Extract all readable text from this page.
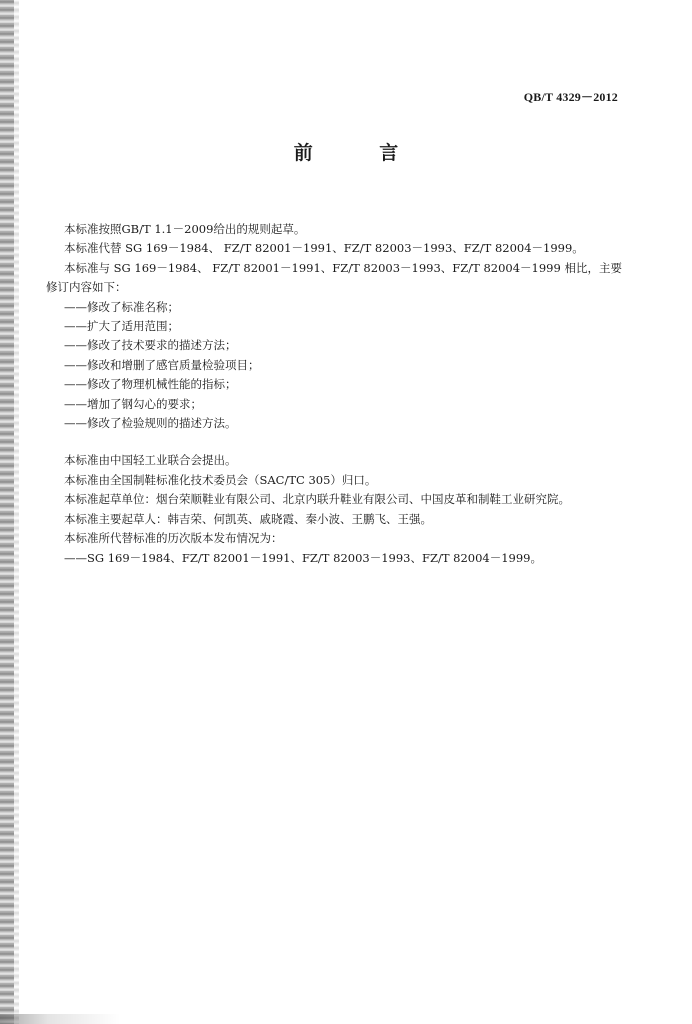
QB/T 4329－2012
前 言

本标准按照GB/T 1.1－2009给出的规则起草。

本标准代替 SG 169－1984、 FZ/T 82001－1991、FZ/T 82003－1993、FZ/T 82004－1999。

本标准与 SG 169－1984、 FZ/T 82001－1991、FZ/T 82003－1993、FZ/T 82004－1999 相比，主要

修订内容如下：

——修改了标准名称；

——扩大了适用范围；

——修改了技术要求的描述方法；

——修改和增删了感官质量检验项目；

——修改了物理机械性能的指标；

——增加了钢勾心的要求；

——修改了检验规则的描述方法。

本标准由中国轻工业联合会提出。

本标准由全国制鞋标准化技术委员会（SAC/TC 305）归口。

本标准起草单位：烟台荣顺鞋业有限公司、北京内联升鞋业有限公司、中国皮革和制鞋工业研究院。

本标准主要起草人：韩吉荣、何凯英、戚晓霞、秦小波、王鹏飞、王强。

本标准所代替标准的历次版本发布情况为：

——SG 169－1984、FZ/T 82001－1991、FZ/T 82003－1993、FZ/T 82004－1999。
